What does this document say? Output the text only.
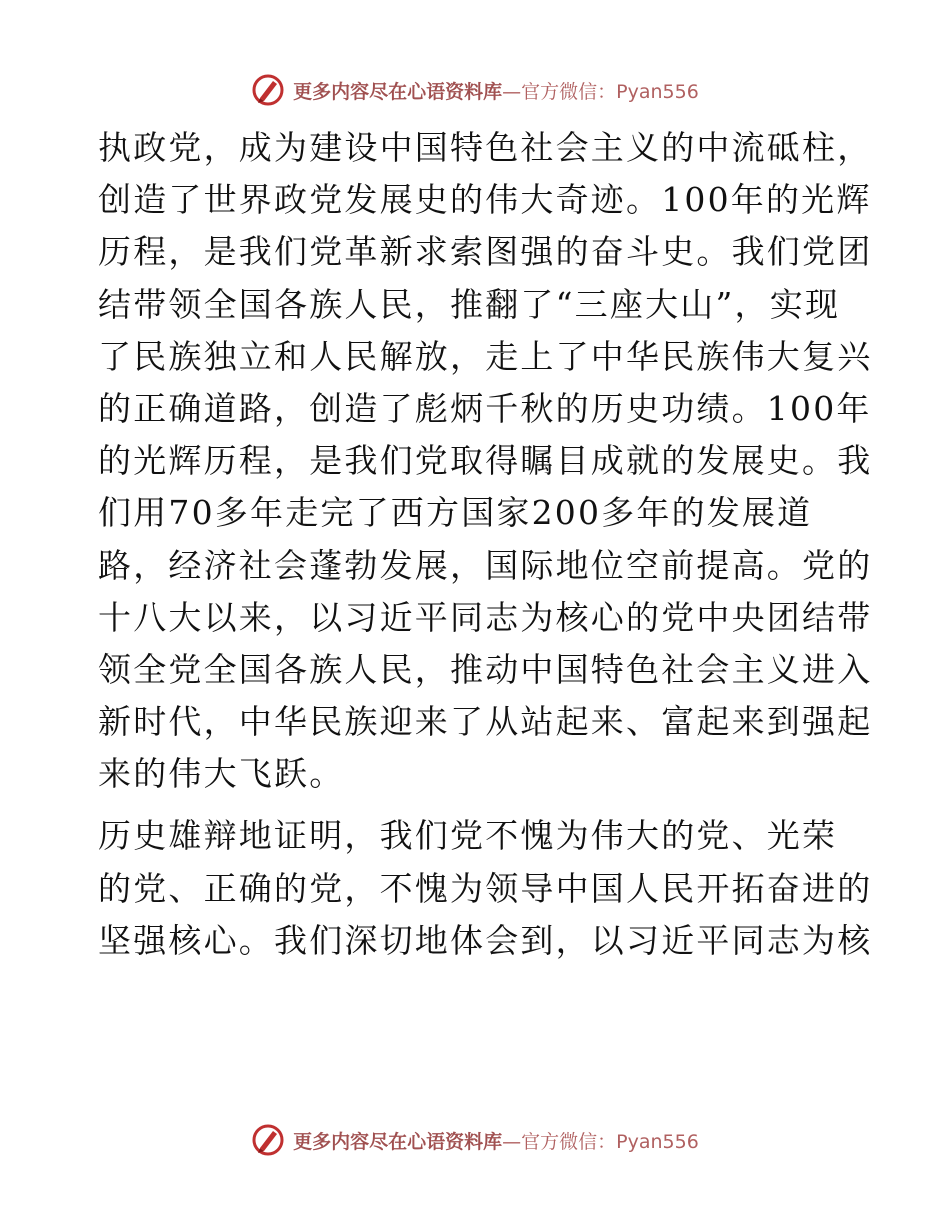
更多内容尽在心语资料库—官方微信：Pyan556

执政党，成为建设中国特色社会主义的中流砥柱，
创造了世界政党发展史的伟大奇迹。100年的光辉
历程，是我们党革新求索图强的奋斗史。我们党团
结带领全国各族人民，推翻了“三座大山”，实现
了民族独立和人民解放，走上了中华民族伟大复兴
的正确道路，创造了彪炳千秋的历史功绩。100年
的光辉历程，是我们党取得瞩目成就的发展史。我
们用70多年走完了西方国家200多年的发展道
路，经济社会蓬勃发展，国际地位空前提高。党的
十八大以来，以习近平同志为核心的党中央团结带
领全党全国各族人民，推动中国特色社会主义进入
新时代，中华民族迎来了从站起来、富起来到强起
来的伟大飞跃。

历史雄辩地证明，我们党不愧为伟大的党、光荣
的党、正确的党，不愧为领导中国人民开拓奋进的
坚强核心。我们深切地体会到，以习近平同志为核

更多内容尽在心语资料库—官方微信：Pyan556
